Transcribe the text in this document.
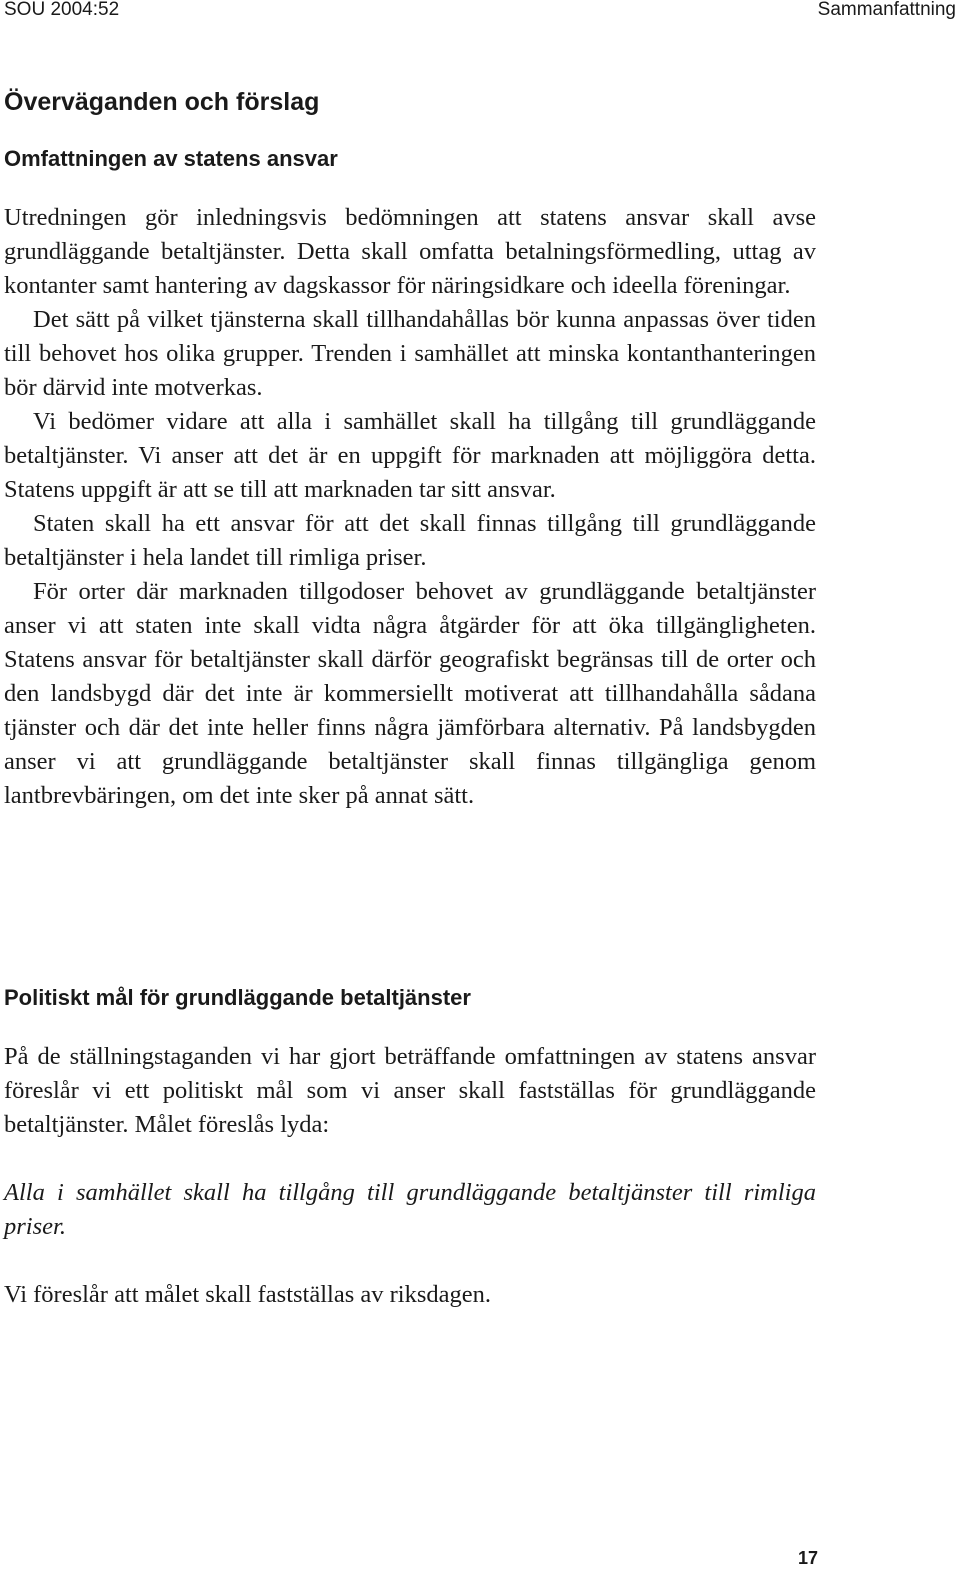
SOU 2004:52	Sammanfattning
Överväganden och förslag
Omfattningen av statens ansvar

Utredningen gör inledningsvis bedömningen att statens ansvar skall avse grundläggande betaltjänster. Detta skall omfatta betalningsförmedling, uttag av kontanter samt hantering av dagskassor för näringsidkare och ideella föreningar.

Det sätt på vilket tjänsterna skall tillhandahållas bör kunna anpassas över tiden till behovet hos olika grupper. Trenden i samhället att minska kontanthanteringen bör därvid inte motverkas.

Vi bedömer vidare att alla i samhället skall ha tillgång till grundläggande betaltjänster. Vi anser att det är en uppgift för marknaden att möjliggöra detta. Statens uppgift är att se till att marknaden tar sitt ansvar.

Staten skall ha ett ansvar för att det skall finnas tillgång till grundläggande betaltjänster i hela landet till rimliga priser.

För orter där marknaden tillgodoser behovet av grundläggande betaltjänster anser vi att staten inte skall vidta några åtgärder för att öka tillgängligheten. Statens ansvar för betaltjänster skall därför geografiskt begränsas till de orter och den landsbygd där det inte är kommersiellt motiverat att tillhandahålla sådana tjänster och där det inte heller finns några jämförbara alternativ. På landsbygden anser vi att grundläggande betaltjänster skall finnas tillgängliga genom lantbrevbäringen, om det inte sker på annat sätt.

Politiskt mål för grundläggande betaltjänster

På de ställningstaganden vi har gjort beträffande omfattningen av statens ansvar föreslår vi ett politiskt mål som vi anser skall fastställas för grundläggande betaltjänster. Målet föreslås lyda:

Alla i samhället skall ha tillgång till grundläggande betaltjänster till rimliga priser.

Vi föreslår att målet skall fastställas av riksdagen.

17
